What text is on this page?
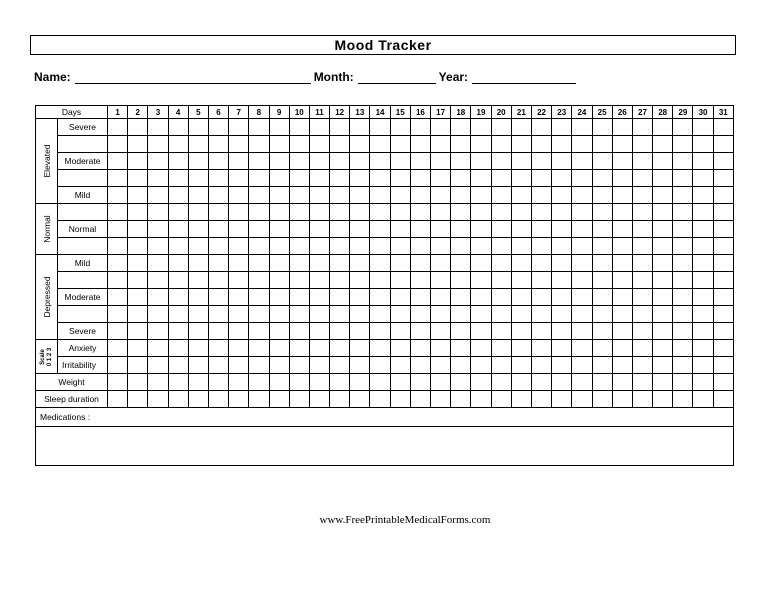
Mood Tracker
Name:	Month:	Year:
Days		1	2	3	4	5	6	7	8	9	10	11	12	13	14	15	16	17	18	19	20	21	22	23	24	25	26	27	28	29	30	31

Elevated	Severe																															

	Moderate																															

	Mild																															

Normal																																

	Normal																															

Depressed	Mild																															

	Moderate																															

	Severe																															

Scale 0 1 2 3	Anxiety																															
	Irritability																															
Weight																																
Sleep duration																																
Medications :																																

www.FreePrintableMedicalForms.com
